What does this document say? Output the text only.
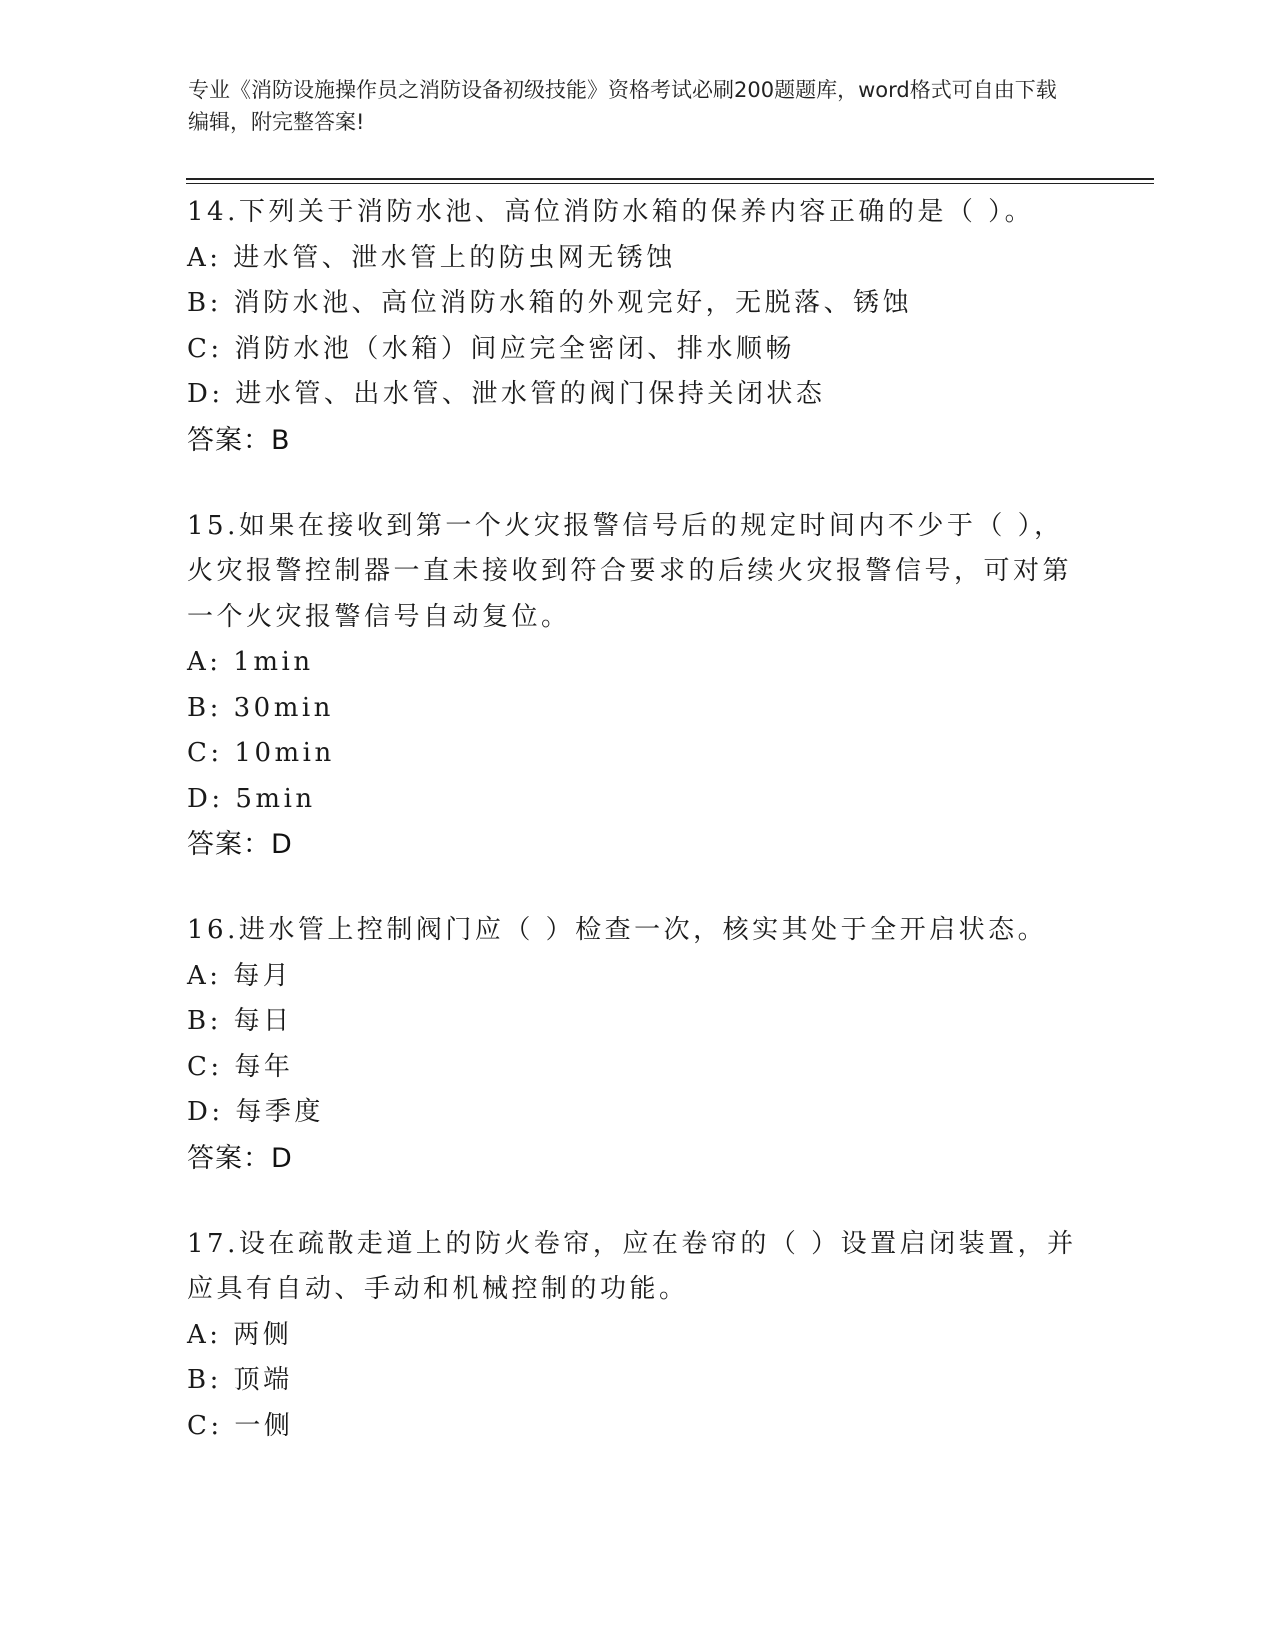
专业《消防设施操作员之消防设备初级技能》资格考试必刷200题题库，word格式可自由下载编辑，附完整答案!
14.下列关于消防水池、高位消防水箱的保养内容正确的是（ ）。
A: 进水管、泄水管上的防虫网无锈蚀
B: 消防水池、高位消防水箱的外观完好，无脱落、锈蚀
C: 消防水池（水箱）间应完全密闭、排水顺畅
D: 进水管、出水管、泄水管的阀门保持关闭状态
答案：B
15.如果在接收到第一个火灾报警信号后的规定时间内不少于（ ），火灾报警控制器一直未接收到符合要求的后续火灾报警信号，可对第一个火灾报警信号自动复位。
A: 1min
B: 30min
C: 10min
D: 5min
答案：D
16.进水管上控制阀门应（ ）检查一次，核实其处于全开启状态。
A: 每月
B: 每日
C: 每年
D: 每季度
答案：D
17.设在疏散走道上的防火卷帘，应在卷帘的（ ）设置启闭装置，并应具有自动、手动和机械控制的功能。
A: 两侧
B: 顶端
C: 一侧
